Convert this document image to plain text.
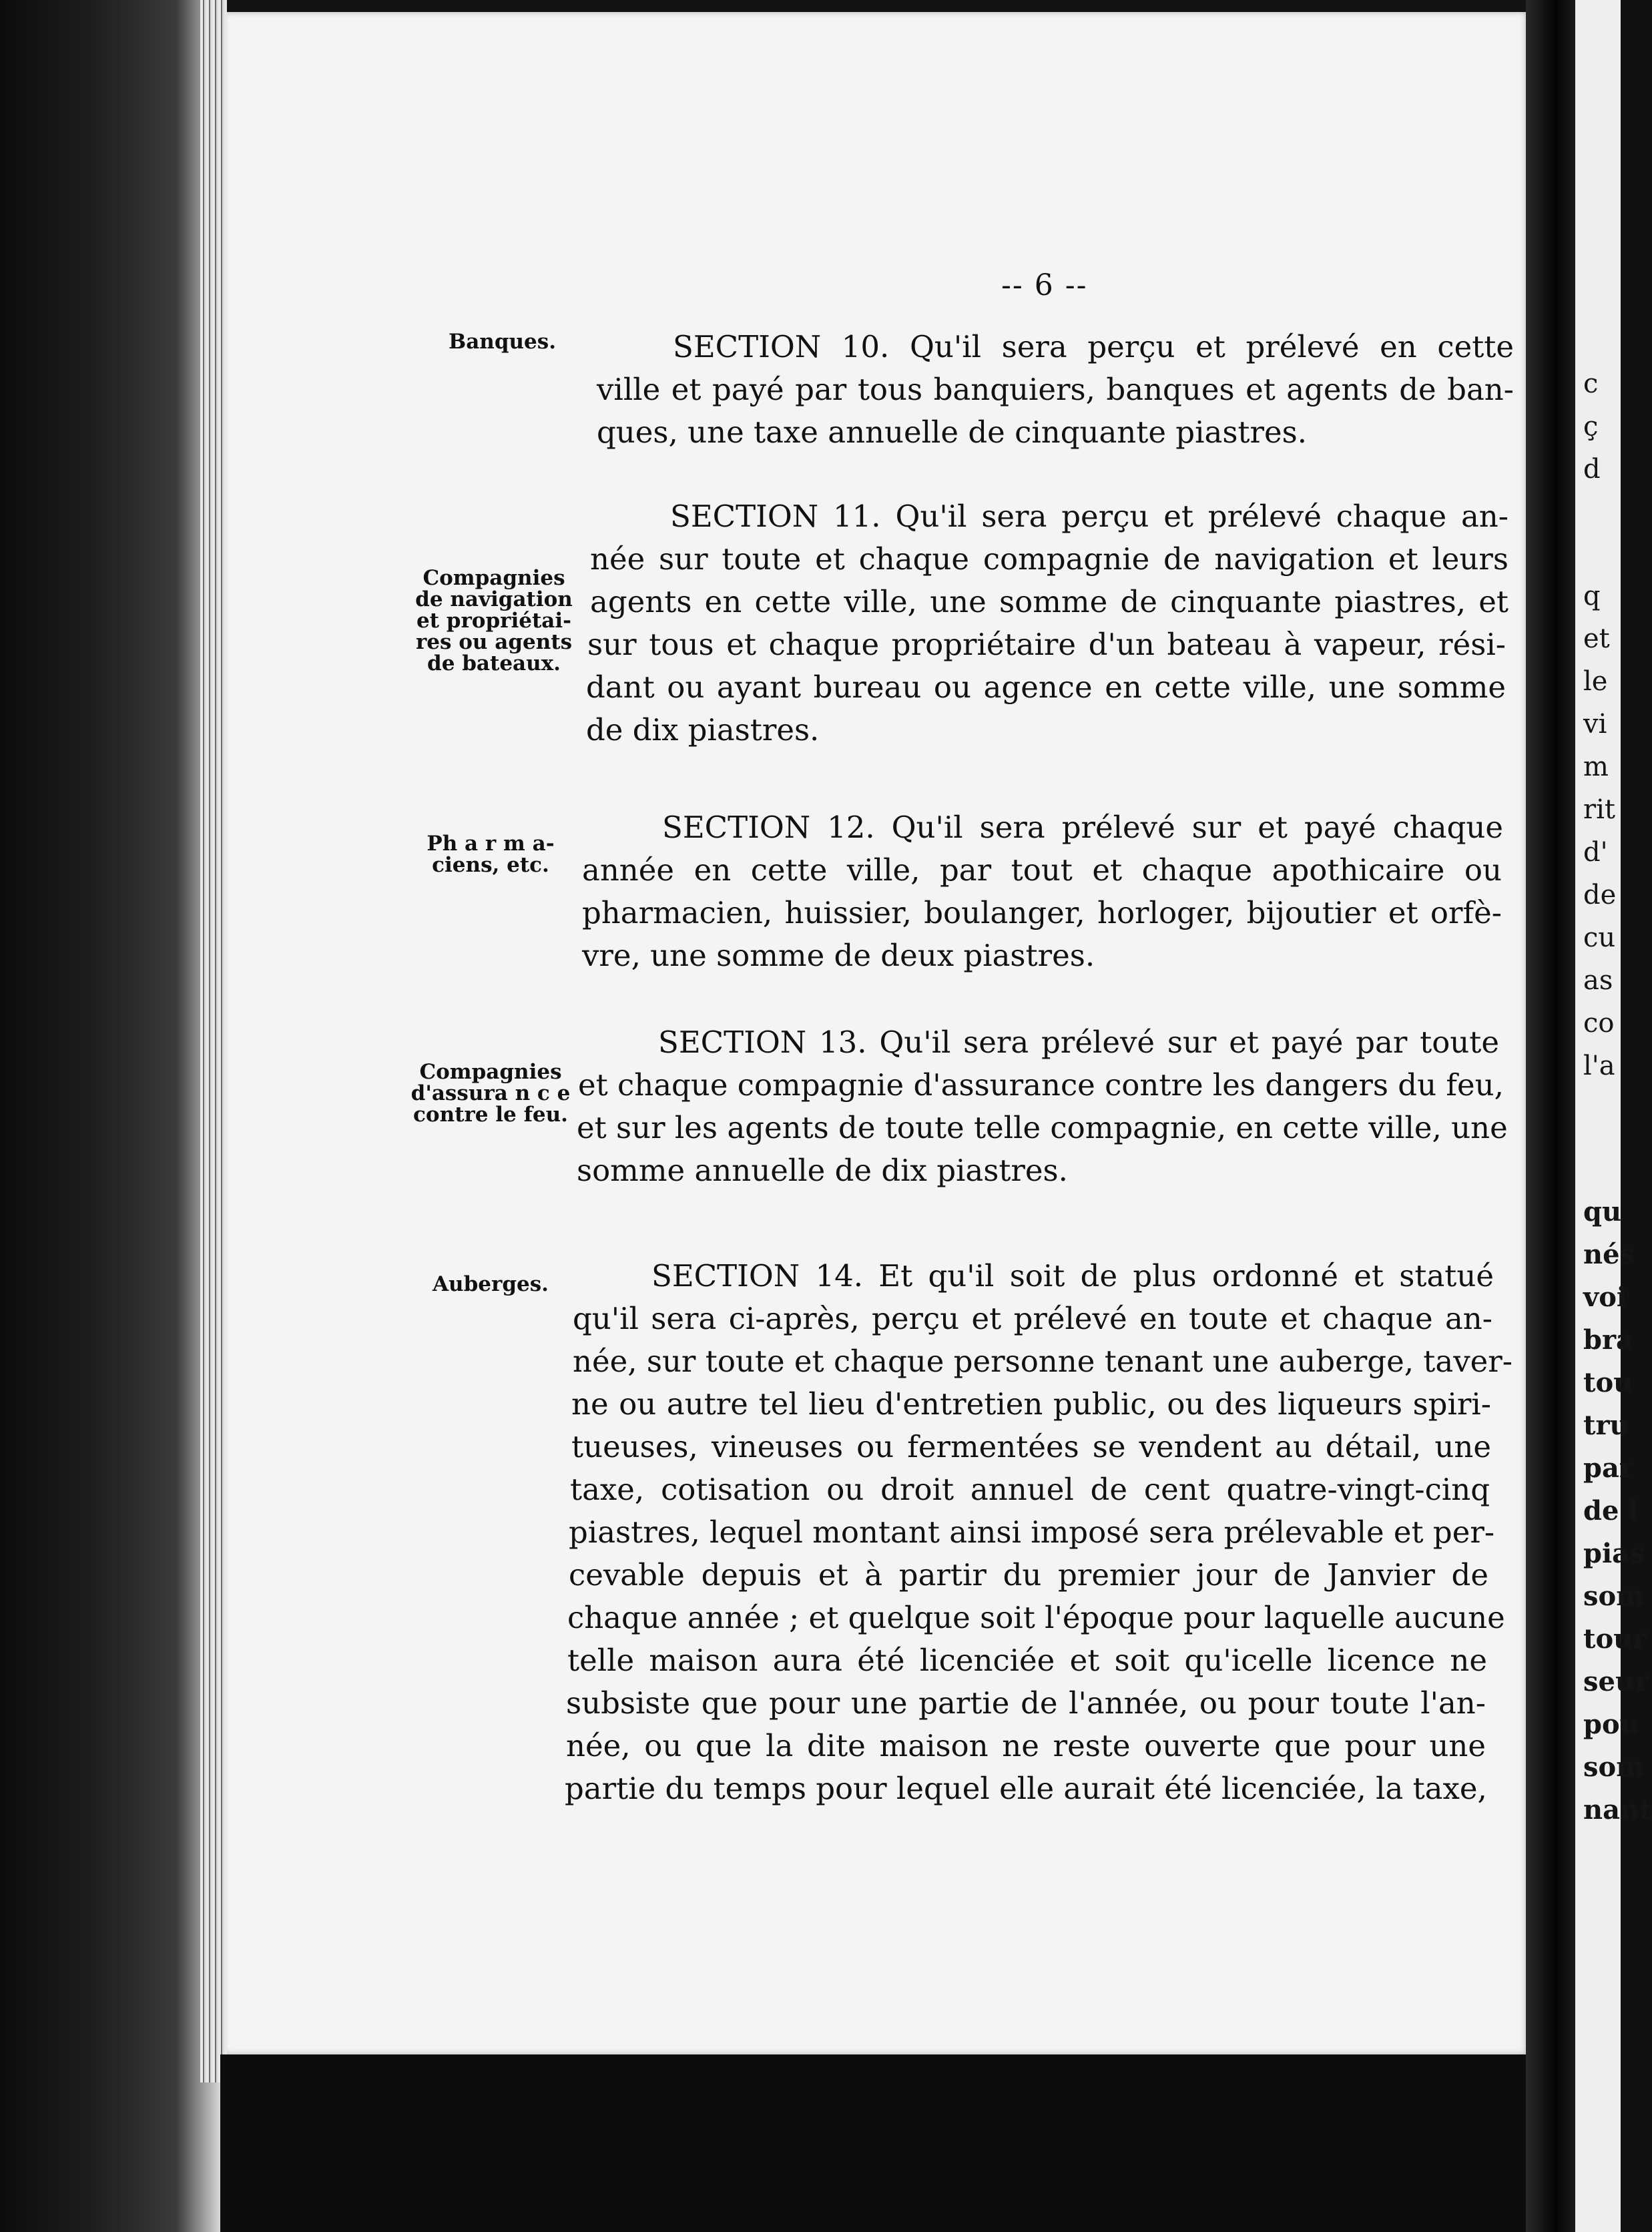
-- 6 --
Banques.
Compagnies
de navigation
et propriétai-
res ou agents
de bateaux.
Ph a r m a-
ciens, etc.
Compagnies
d'assura n c e
contre le feu.
Auberges.
SECTION 10. Qu'il sera perçu et prélevé en cette
ville et payé par tous banquiers, banques et agents de ban-
ques, une taxe annuelle de cinquante piastres.
SECTION 11. Qu'il sera perçu et prélevé chaque an-
née sur toute et chaque compagnie de navigation et leurs
agents en cette ville, une somme de cinquante piastres, et
sur tous et chaque propriétaire d'un bateau à vapeur, rési-
dant ou ayant bureau ou agence en cette ville, une somme
de dix piastres.
SECTION 12. Qu'il sera prélevé sur et payé chaque
année en cette ville, par tout et chaque apothicaire ou
pharmacien, huissier, boulanger, horloger, bijoutier et orfè-
vre, une somme de deux piastres.
SECTION 13. Qu'il sera prélevé sur et payé par toute
et chaque compagnie d'assurance contre les dangers du feu,
et sur les agents de toute telle compagnie, en cette ville, une
somme annuelle de dix piastres.
SECTION 14. Et qu'il soit de plus ordonné et statué
qu'il sera ci-après, perçu et prélevé en toute et chaque an-
née, sur toute et chaque personne tenant une auberge, taver-
ne ou autre tel lieu d'entretien public, ou des liqueurs spiri-
tueuses, vineuses ou fermentées se vendent au détail, une
taxe, cotisation ou droit annuel de cent quatre-vingt-cinq
piastres, lequel montant ainsi imposé sera prélevable et per-
cevable depuis et à partir du premier jour de Janvier de
chaque année ; et quelque soit l'époque pour laquelle aucune
telle maison aura été licenciée et soit qu'icelle licence ne
subsiste que pour une partie de l'année, ou pour toute l'an-
née, ou que la dite maison ne reste ouverte que pour une
partie du temps pour lequel elle aurait été licenciée, la taxe,
c
ç
d
q
et
le
vi
m
rit
d'
de
cu
as
co
l'a
qu
nés
voi
bra
tou
tru
par
de l
pias
som
tour
seur
pou
som
nant
